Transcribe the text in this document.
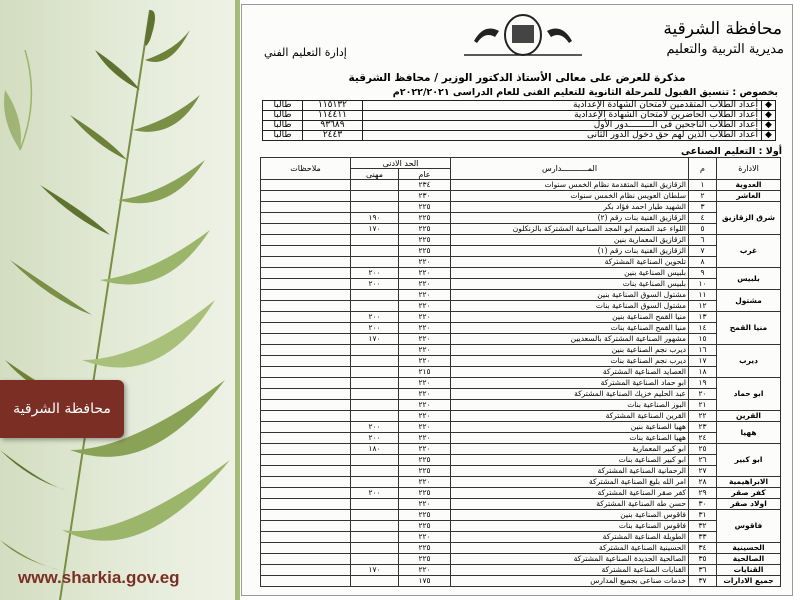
محافظة الشرقية
www.sharkia.gov.eg
محافظة الشرقية
مديرية التربية والتعليم
إدارة التعليم الفني
مذكرة للعرض على معالى الأستاذ الدكتور الوزير / محافظ الشرقية
بخصوص : تنسيق القبول للمرحلة الثانوية للتعليم الفنى للعام الدراسى ٢٠٢٢/٢٠٢١م
◆	أعداد الطلاب المتقدمين لامتحان الشهادة الإعدادية	١١٥١٣٢	طالبا
◆	أعداد الطلاب الحاضرين لامتحان الشهادة الإعدادية	١١٤٤١١	طالبا
◆	أعداد الطلاب الناجحين فى الـــــــــدور الأول	٩٣٦٨٩	طالبا
◆	أعداد الطلاب الذين لهم حق دخول الدور الثانى	٢٤٤٣	طالبا
أولا : التعليم الصناعى
الادارة	م	المـــــــــــدارس	الحد الادنى		ملاحظات
			عام	مهنى	
العدوية	١	الزقازيق الفنية المتقدمة نظام الخمس سنوات	٢٣٤		
العاشر	٢	سلطان العويس نظام الخمس سنوات	٢٣٠		
شرق الزقازيق	٣	الشهيد طيار احمد فؤاد بكر	٢٢٥		
	٤	الزقازيق الفنية بنات رقم (٢)	٢٢٥	١٩٠	
	٥	اللواء عبد المنعم ابو المجد الصناعية المشتركة بالزنكلون	٢٢٥	١٧٠	
غرب	٦	الزقازيق المعمارية بنين	٢٢٥		
	٧	الزقازيق الفنية بنات رقم (١)	٢٢٥		
	٨	تلحوين الصناعية المشتركة	٢٢٠		
بلبيس	٩	بلبيس الصناعية بنين	٢٢٠	٢٠٠	
	١٠	بلبيس الصناعية بنات	٢٢٠	٢٠٠	
مشتول	١١	مشتول السوق الصناعية بنين	٢٢٠		
	١٢	مشتول السوق الصناعية بنات	٢٢٠		
منيا القمح	١٣	منيا القمح الصناعية بنين	٢٢٠	٢٠٠	
	١٤	منيا القمح الصناعية بنات	٢٢٠	٢٠٠	
	١٥	مشهور الصناعية المشتركة بالسعديين	٢٢٠	١٧٠	
ديرب	١٦	ديرب نجم الصناعية بنين	٢٢٠		
	١٧	ديرب نجم الصناعية بنات	٢٢٠		
	١٨	العصايد الصناعية المشتركة	٢١٥		
ابو حماد	١٩	ابو حماد الصناعية المشتركة	٢٢٠		
	٢٠	عبد الحليم خزيك الصناعية المشتركة	٢٢٠		
	٢١	البوز الصناعية بنات	٢٢٠		
القرين	٢٢	القرين الصناعية المشتركة	٢٢٠		
ههيا	٢٣	ههيا الصناعية بنين	٢٢٠	٢٠٠	
	٢٤	ههيا الصناعية بنات	٢٢٠	٢٠٠	
ابو كبير	٢٥	ابو كبير المعمارية	٢٢٠	١٨٠	
	٢٦	ابو كبير الصناعية بنات	٢٢٥		
	٢٧	الرحمانية الصناعية المشتركة	٢٢٥		
الابراهيمية	٢٨	امر الله بليغ الصناعية المشتركة	٢٢٠		
كفر صقر	٢٩	كفر صقر الصناعية المشتركة	٢٢٥	٢٠٠	
اولاد صقر	٣٠	حسن طه الصناعية المشتركة	٢٢٠		
فاقوس	٣١	فاقوس الصناعية بنين	٢٢٥		
	٣٢	فاقوس الصناعية بنات	٢٢٥		
	٣٣	الطويلة الصناعية المشتركة	٢٢٠		
الحسينية	٣٤	الحسينية الصناعية المشتركة	٢٢٥		
الصالحية	٣٥	الصالحية الجديدة الصناعية المشتركة	٢٢٥		
القنايات	٣٦	القنايات الصناعية المشتركة	٢٢٠	١٧٠	
جميع الادارات	٣٧	خدمات صناعى بجميع المدارس	١٧٥		
